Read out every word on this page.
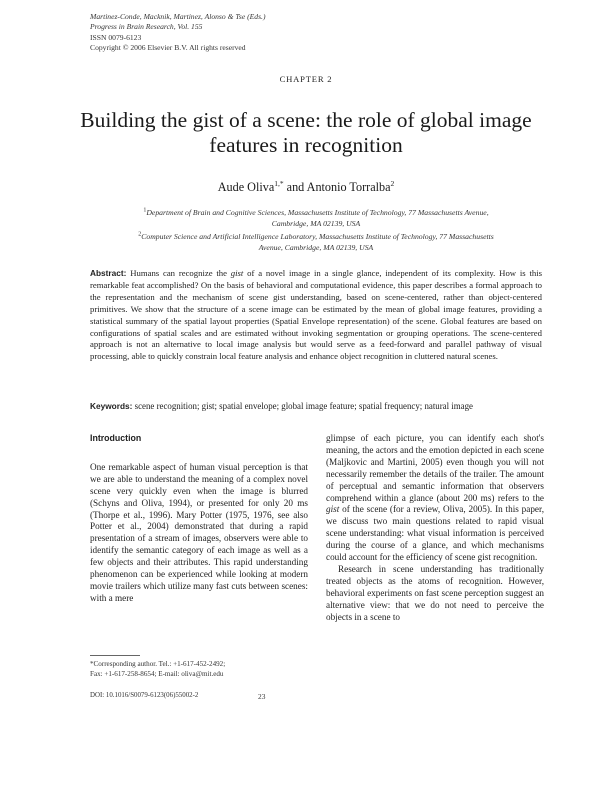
Martinez-Conde, Macknik, Martinez, Alonso & Tse (Eds.)
Progress in Brain Research, Vol. 155
ISSN 0079-6123
Copyright © 2006 Elsevier B.V. All rights reserved
CHAPTER 2
Building the gist of a scene: the role of global image
features in recognition
Aude Oliva$^{1,*}$ and Antonio Torralba$^2$
$^1$Department of Brain and Cognitive Sciences, Massachusetts Institute of Technology, 77 Massachusetts Avenue,
Cambridge, MA 02139, USA
$^2$Computer Science and Artificial Intelligence Laboratory, Massachusetts Institute of Technology, 77 Massachusetts
Avenue, Cambridge, MA 02139, USA
Abstract: Humans can recognize the gist of a novel image in a single glance, independent of its complexity. How is this remarkable feat accomplished? On the basis of behavioral and computational evidence, this paper describes a formal approach to the representation and the mechanism of scene gist understanding, based on scene-centered, rather than object-centered primitives. We show that the structure of a scene image can be estimated by the mean of global image features, providing a statistical summary of the spatial layout properties (Spatial Envelope representation) of the scene. Global features are based on configurations of spatial scales and are estimated without invoking segmentation or grouping operations. The scene-centered approach is not an alternative to local image analysis but would serve as a feed-forward and parallel pathway of visual processing, able to quickly constrain local feature analysis and enhance object recognition in cluttered natural scenes.
Keywords: scene recognition; gist; spatial envelope; global image feature; spatial frequency; natural image
Introduction

One remarkable aspect of human visual perception is that we are able to understand the meaning of a complex novel scene very quickly even when the image is blurred (Schyns and Oliva, 1994), or presented for only 20 ms (Thorpe et al., 1996). Mary Potter (1975, 1976, see also Potter et al., 2004) demonstrated that during a rapid presentation of a stream of images, observers were able to identify the semantic category of each image as well as a few objects and their attributes. This rapid understanding phenomenon can be experienced while looking at modern movie trailers which utilize many fast cuts between scenes: with a mere

glimpse of each picture, you can identify each shot's meaning, the actors and the emotion depicted in each scene (Maljkovic and Martini, 2005) even though you will not necessarily remember the details of the trailer. The amount of perceptual and semantic information that observers comprehend within a glance (about 200 ms) refers to the gist of the scene (for a review, Oliva, 2005). In this paper, we discuss two main questions related to rapid visual scene understanding: what visual information is perceived during the course of a glance, and which mechanisms could account for the efficiency of scene gist recognition.

Research in scene understanding has traditionally treated objects as the atoms of recognition. However, behavioral experiments on fast scene perception suggest an alternative view: that we do not need to perceive the objects in a scene to

*Corresponding author. Tel.: +1-617-452-2492;
Fax: +1-617-258-8654; E-mail: oliva@mit.edu
DOI: 10.1016/S0079-6123(06)55002-2	23
